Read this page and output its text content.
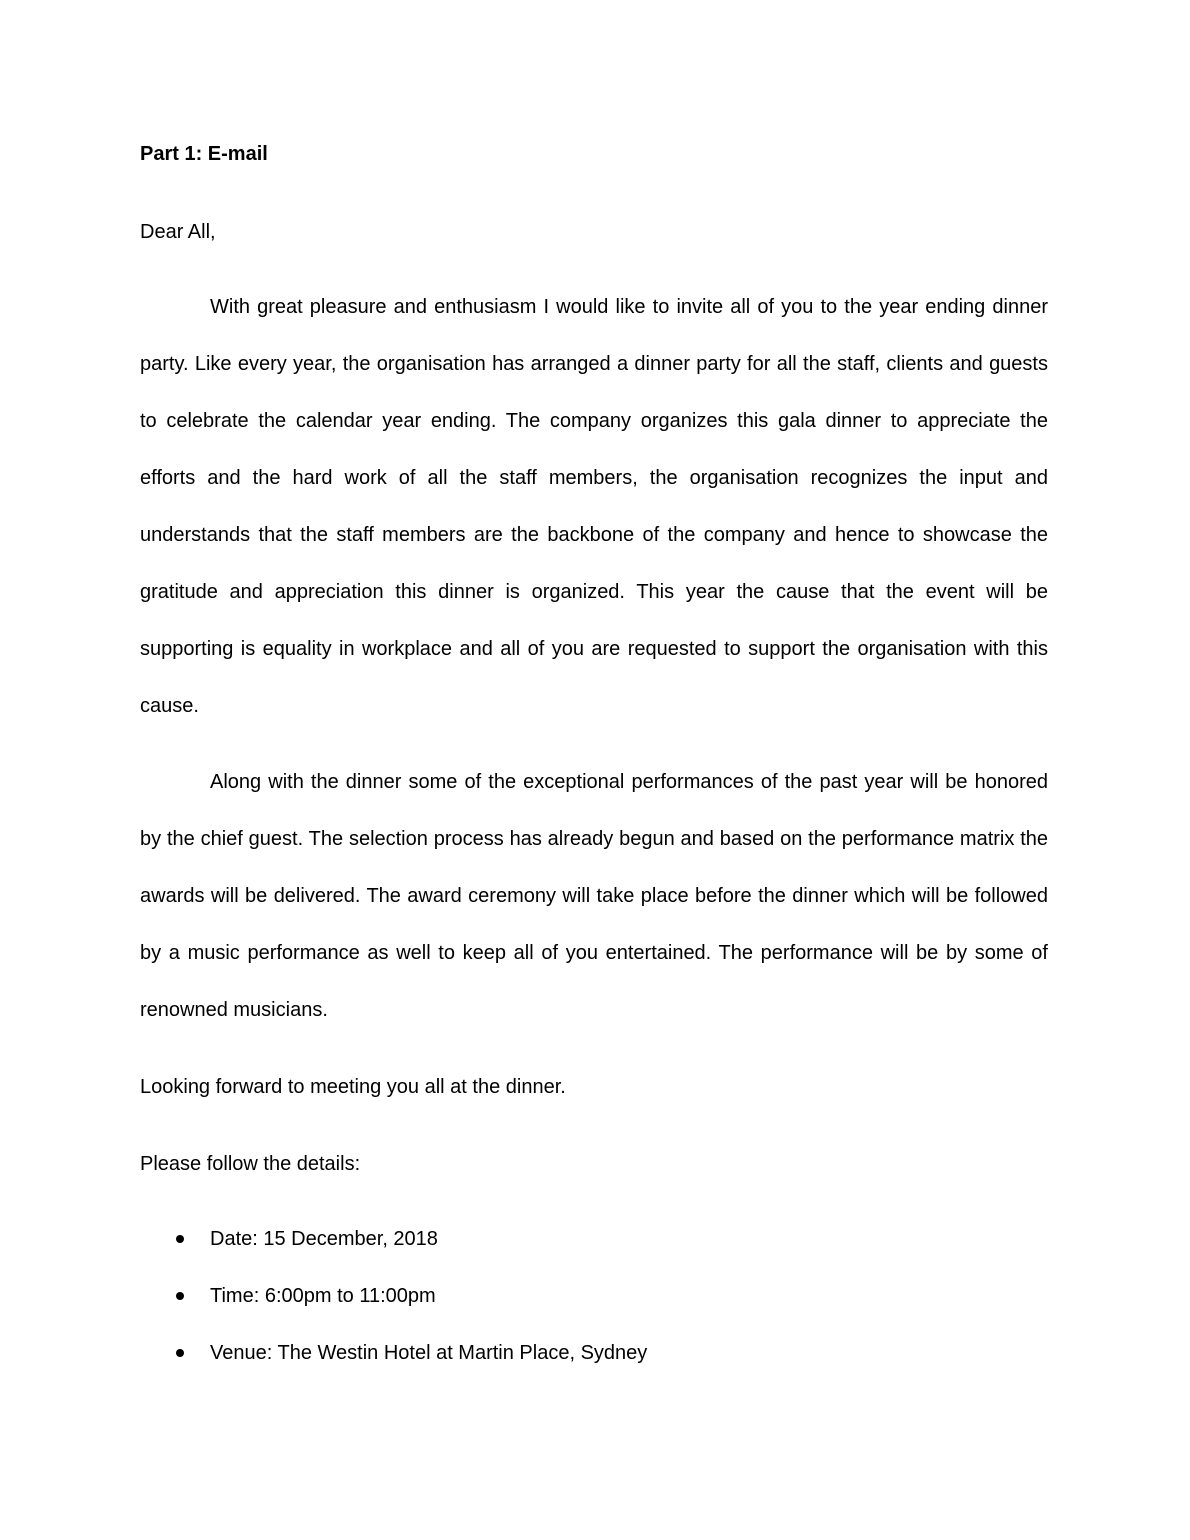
Part 1: E-mail
Dear All,

With great pleasure and enthusiasm I would like to invite all of you to the year ending dinner party. Like every year, the organisation has arranged a dinner party for all the staff, clients and guests to celebrate the calendar year ending. The company organizes this gala dinner to appreciate the efforts and the hard work of all the staff members, the organisation recognizes the input and understands that the staff members are the backbone of the company and hence to showcase the gratitude and appreciation this dinner is organized. This year the cause that the event will be supporting is equality in workplace and all of you are requested to support the organisation with this cause.

Along with the dinner some of the exceptional performances of the past year will be honored by the chief guest. The selection process has already begun and based on the performance matrix the awards will be delivered. The award ceremony will take place before the dinner which will be followed by a music performance as well to keep all of you entertained. The performance will be by some of renowned musicians.

Looking forward to meeting you all at the dinner.
Please follow the details:
Date: 15 December, 2018
Time: 6:00pm to 11:00pm
Venue: The Westin Hotel at Martin Place, Sydney
